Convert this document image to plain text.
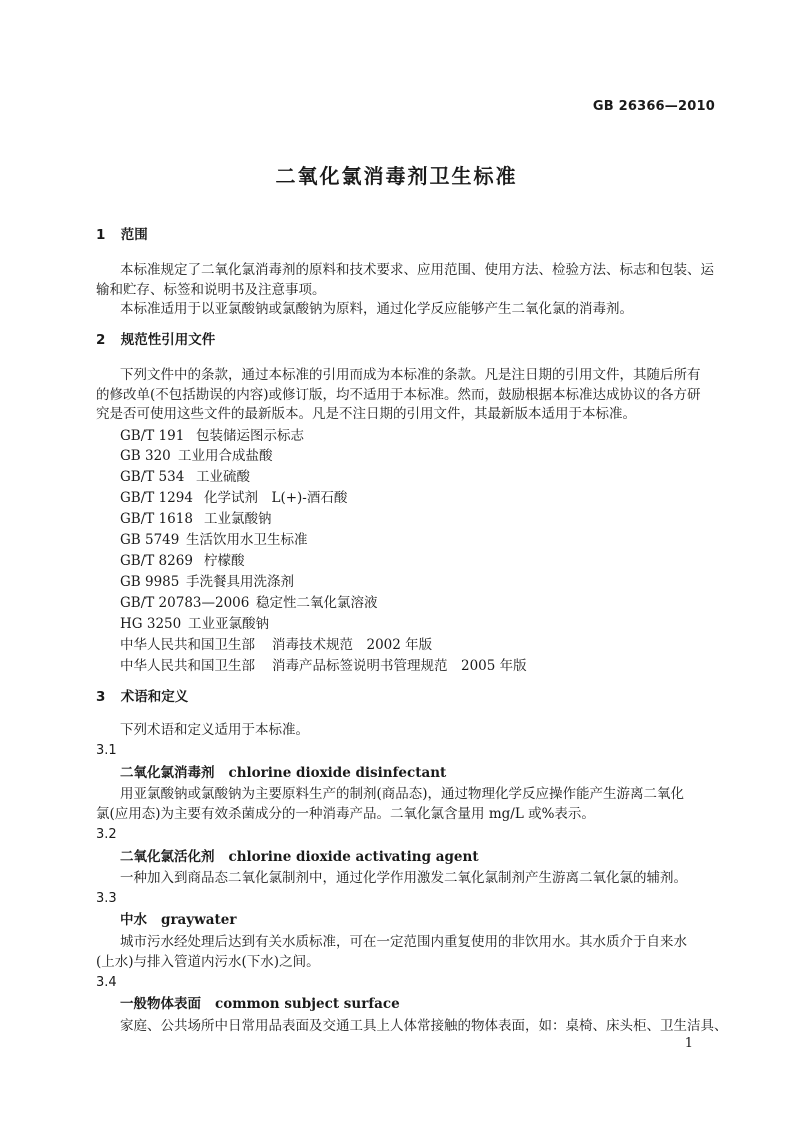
GB 26366—2010
二氧化氯消毒剂卫生标准
1 范围
本标准规定了二氧化氯消毒剂的原料和技术要求、应用范围、使用方法、检验方法、标志和包装、运
输和贮存、标签和说明书及注意事项。
本标准适用于以亚氯酸钠或氯酸钠为原料，通过化学反应能够产生二氧化氯的消毒剂。
2 规范性引用文件
下列文件中的条款，通过本标准的引用而成为本标准的条款。凡是注日期的引用文件，其随后所有
的修改单(不包括勘误的内容)或修订版，均不适用于本标准。然而，鼓励根据本标准达成协议的各方研
究是否可使用这些文件的最新版本。凡是不注日期的引用文件，其最新版本适用于本标准。
GB/T 191 包装储运图示标志
GB 320 工业用合成盐酸
GB/T 534 工业硫酸
GB/T 1294 化学试剂　L(+)-酒石酸
GB/T 1618 工业氯酸钠
GB 5749 生活饮用水卫生标准
GB/T 8269 柠檬酸
GB 9985 手洗餐具用洗涤剂
GB/T 20783—2006 稳定性二氧化氯溶液
HG 3250 工业亚氯酸钠
中华人民共和国卫生部 消毒技术规范　2002 年版
中华人民共和国卫生部 消毒产品标签说明书管理规范　2005 年版
3 术语和定义
下列术语和定义适用于本标准。
3.1
二氧化氯消毒剂 chlorine dioxide disinfectant
用亚氯酸钠或氯酸钠为主要原料生产的制剂(商品态)，通过物理化学反应操作能产生游离二氧化
氯(应用态)为主要有效杀菌成分的一种消毒产品。二氧化氯含量用 mg/L 或%表示。
3.2
二氧化氯活化剂 chlorine dioxide activating agent
一种加入到商品态二氧化氯制剂中，通过化学作用激发二氧化氯制剂产生游离二氧化氯的辅剂。
3.3
中水 graywater
城市污水经处理后达到有关水质标准，可在一定范围内重复使用的非饮用水。其水质介于自来水
(上水)与排入管道内污水(下水)之间。
3.4
一般物体表面 common subject surface
家庭、公共场所中日常用品表面及交通工具上人体常接触的物体表面，如：桌椅、床头柜、卫生洁具、
1
